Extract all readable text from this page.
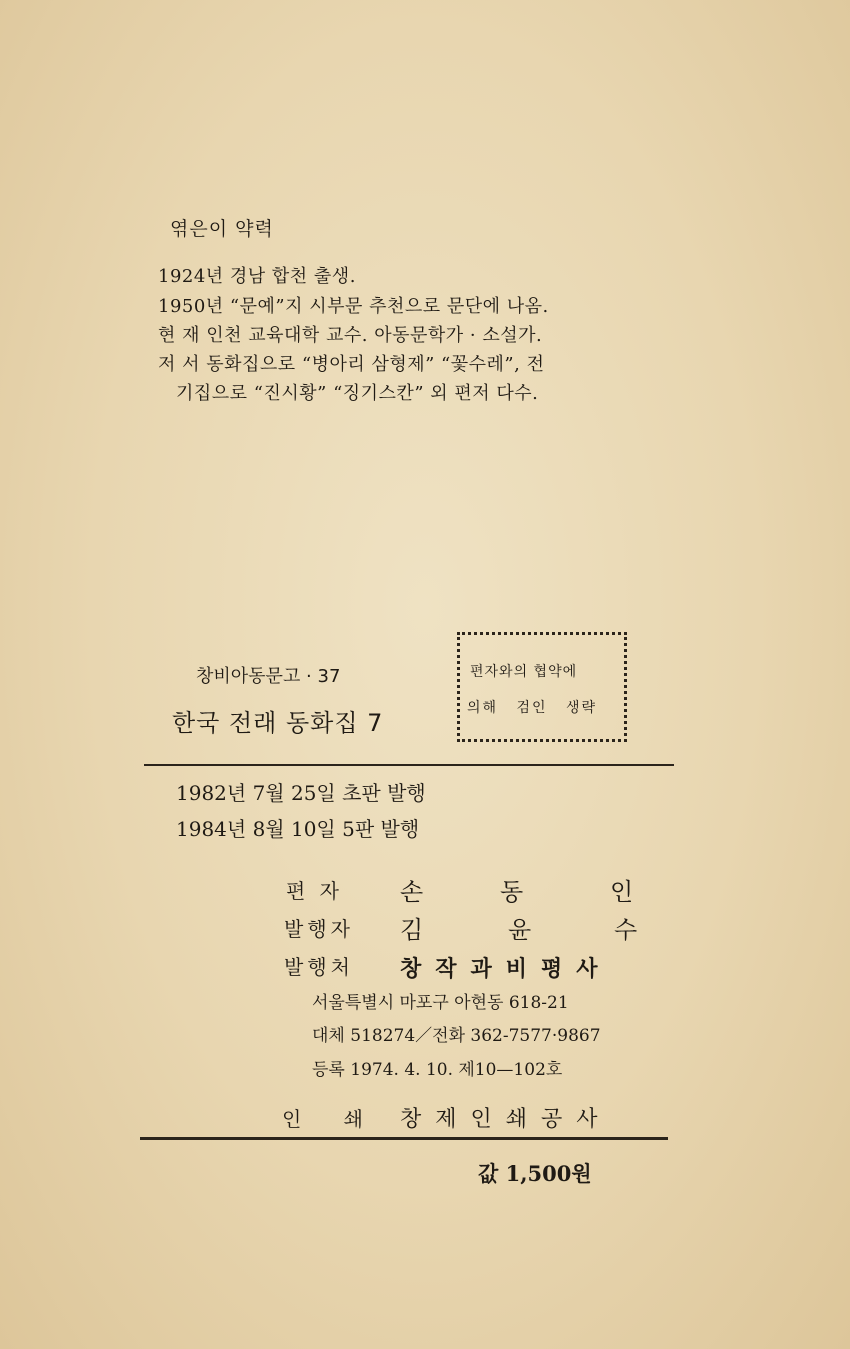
엮은이 약력
1924년 경남 합천 출생.
1950년 “문예”지 시부문 추천으로 문단에 나옴.
현 재 인천 교육대학 교수. 아동문학가 · 소설가.
저 서 동화집으로 “병아리 삼형제” “꽃수레”, 전
기집으로 “진시황” “징기스칸” 외 편저 다수.
창비아동문고 · 37
한국 전래 동화집 7
편자와의 협약에
의해 검인 생략
1982년 7월 25일 초판 발행
1984년 8월 10일 5판 발행
편 자 손	동	인
발행자 김	윤	수
발행처 창작과비평사
서울특별시 마포구 아현동 618-21
대체 518274／전화 362-7577·9867
등록 1974. 4. 10. 제10—102호
인 쇄 창제인쇄공사
값 1,500원
